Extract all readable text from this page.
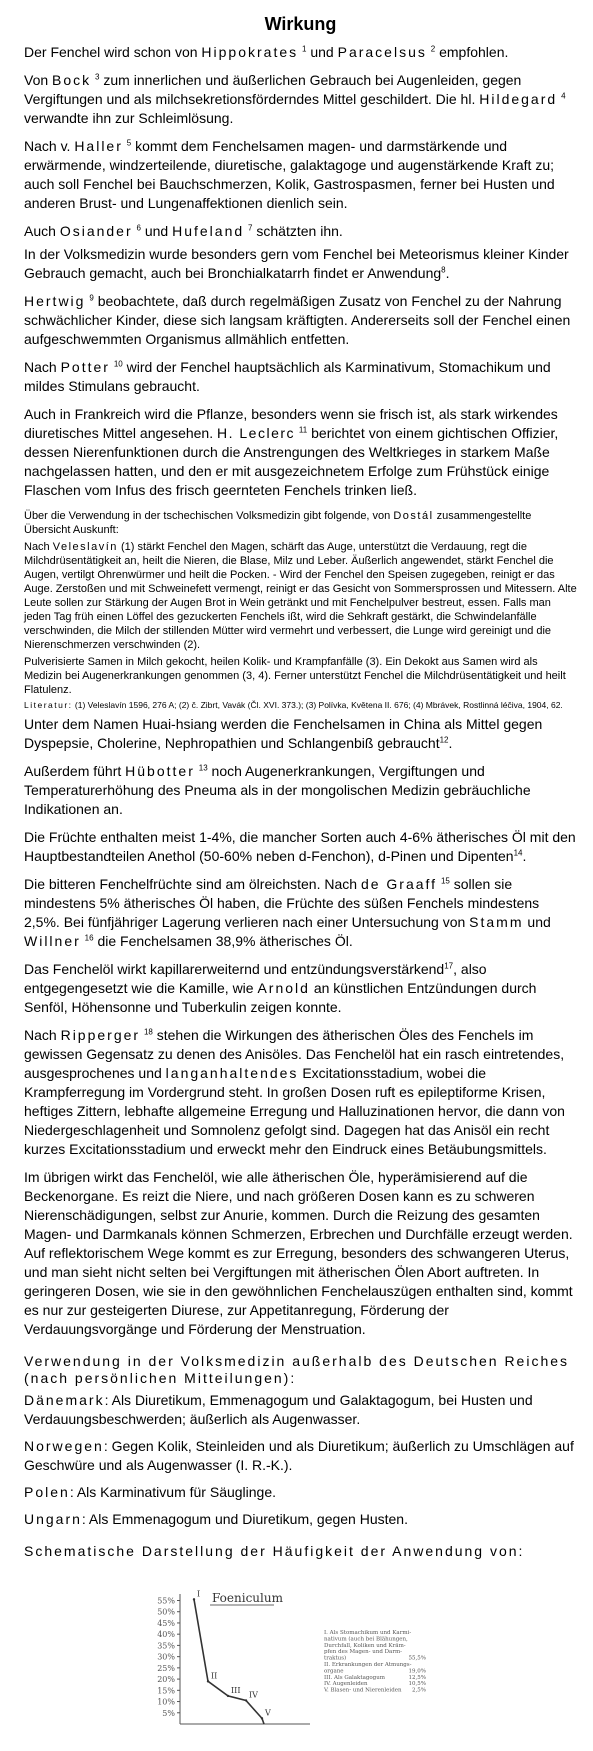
Wirkung

Der Fenchel wird schon von Hippokrates $^1$ und Paracelsus $^2$ empfohlen.

Von Bock $^3$ zum innerlichen und äußerlichen Gebrauch bei Augenleiden, gegen Vergiftungen und als milchsekretionsförderndes Mittel geschildert. Die hl. Hildegard $^4$ verwandte ihn zur Schleimlösung.

Nach v. Haller $^5$ kommt dem Fenchelsamen magen- und darmstärkende und erwärmende, windzerteilende, diuretische, galaktagoge und augenstärkende Kraft zu; auch soll Fenchel bei Bauchschmerzen, Kolik, Gastrospasmen, ferner bei Husten und anderen Brust- und Lungenaffektionen dienlich sein.

Auch Osiander $^6$ und Hufeland $^7$ schätzten ihn.

In der Volksmedizin wurde besonders gern vom Fenchel bei Meteorismus kleiner Kinder Gebrauch gemacht, auch bei Bronchialkatarrh findet er Anwendung$^8$.

Hertwig $^9$ beobachtete, daß durch regelmäßigen Zusatz von Fenchel zu der Nahrung schwächlicher Kinder, diese sich langsam kräftigten. Andererseits soll der Fenchel einen aufgeschwemmten Organismus allmählich entfetten.

Nach Potter $^{10}$ wird der Fenchel hauptsächlich als Karminativum, Stomachikum und mildes Stimulans gebraucht.

Auch in Frankreich wird die Pflanze, besonders wenn sie frisch ist, als stark wirkendes diuretisches Mittel angesehen. H. Leclerc $^{11}$ berichtet von einem gichtischen Offizier, dessen Nierenfunktionen durch die Anstrengungen des Weltkrieges in starkem Maße nachgelassen hatten, und den er mit ausgezeichnetem Erfolge zum Frühstück einige Flaschen vom Infus des frisch geernteten Fenchels trinken ließ.

Über die Verwendung in der tschechischen Volksmedizin gibt folgende, von Dostál zusammengestellte Übersicht Auskunft:

Nach Veleslavín (1) stärkt Fenchel den Magen, schärft das Auge, unterstützt die Verdauung, regt die Milchdrüsentätigkeit an, heilt die Nieren, die Blase, Milz und Leber. Äußerlich angewendet, stärkt Fenchel die Augen, vertilgt Ohrenwürmer und heilt die Pocken. - Wird der Fenchel den Speisen zugegeben, reinigt er das Auge. Zerstoßen und mit Schweinefett vermengt, reinigt er das Gesicht von Sommersprossen und Mitessern. Alte Leute sollen zur Stärkung der Augen Brot in Wein getränkt und mit Fenchelpulver bestreut, essen. Falls man jeden Tag früh einen Löffel des gezuckerten Fenchels ißt, wird die Sehkraft gestärkt, die Schwindelanfälle verschwinden, die Milch der stillenden Mütter wird vermehrt und verbessert, die Lunge wird gereinigt und die Nierenschmerzen verschwinden (2).

Pulverisierte Samen in Milch gekocht, heilen Kolik- und Krampfanfälle (3). Ein Dekokt aus Samen wird als Medizin bei Augenerkrankungen genommen (3, 4). Ferner unterstützt Fenchel die Milchdrüsentätigkeit und heilt Flatulenz.

Literatur: (1) Veleslavín 1596, 276 A; (2) č. Zibrt, Vavák (Čl. XVI. 373.); (3) Polívka, Květena II. 676; (4) Mbrávek, Rostlinná léčiva, 1904, 62.

Unter dem Namen Huai-hsiang werden die Fenchelsamen in China als Mittel gegen Dyspepsie, Cholerine, Nephropathien und Schlangenbiß gebraucht$^{12}$.

Außerdem führt Hübotter $^{13}$ noch Augenerkrankungen, Vergiftungen und Temperaturerhöhung des Pneuma als in der mongolischen Medizin gebräuchliche Indikationen an.

Die Früchte enthalten meist 1-4%, die mancher Sorten auch 4-6% ätherisches Öl mit den Hauptbestandteilen Anethol (50-60% neben d-Fenchon), d-Pinen und Dipenten$^{14}$.

Die bitteren Fenchelfrüchte sind am ölreichsten. Nach de Graaff $^{15}$ sollen sie mindestens 5% ätherisches Öl haben, die Früchte des süßen Fenchels mindestens 2,5%. Bei fünfjähriger Lagerung verlieren nach einer Untersuchung von Stamm und Willner $^{16}$ die Fenchelsamen 38,9% ätherisches Öl.

Das Fenchelöl wirkt kapillarerweiternd und entzündungsverstärkend$^{17}$, also entgegengesetzt wie die Kamille, wie Arnold an künstlichen Entzündungen durch Senföl, Höhensonne und Tuberkulin zeigen konnte.

Nach Ripperger $^{18}$ stehen die Wirkungen des ätherischen Öles des Fenchels im gewissen Gegensatz zu denen des Anisöles. Das Fenchelöl hat ein rasch eintretendes, ausgesprochenes und langanhaltendes Excitationsstadium, wobei die Krampferregung im Vordergrund steht. In großen Dosen ruft es epileptiforme Krisen, heftiges Zittern, lebhafte allgemeine Erregung und Halluzinationen hervor, die dann von Niedergeschlagenheit und Somnolenz gefolgt sind. Dagegen hat das Anisöl ein recht kurzes Excitationsstadium und erweckt mehr den Eindruck eines Betäubungsmittels.

Im übrigen wirkt das Fenchelöl, wie alle ätherischen Öle, hyperämisierend auf die Beckenorgane. Es reizt die Niere, und nach größeren Dosen kann es zu schweren Nierenschädigungen, selbst zur Anurie, kommen. Durch die Reizung des gesamten Magen- und Darmkanals können Schmerzen, Erbrechen und Durchfälle erzeugt werden. Auf reflektorischem Wege kommt es zur Erregung, besonders des schwangeren Uterus, und man sieht nicht selten bei Vergiftungen mit ätherischen Ölen Abort auftreten. In geringeren Dosen, wie sie in den gewöhnlichen Fenchelauszügen enthalten sind, kommt es nur zur gesteigerten Diurese, zur Appetitanregung, Förderung der Verdauungsvorgänge und Förderung der Menstruation.

Verwendung in der Volksmedizin außerhalb des Deutschen Reiches (nach persönlichen Mitteilungen):
Dänemark: Als Diuretikum, Emmenagogum und Galaktagogum, bei Husten und Verdauungsbeschwerden; äußerlich als Augenwasser.
Norwegen: Gegen Kolik, Steinleiden und als Diuretikum; äußerlich zu Umschlägen auf Geschwüre und als Augenwasser (I. R.-K.).
Polen: Als Karminativum für Säuglinge.
Ungarn: Als Emmenagogum und Diuretikum, gegen Husten.
Schematische Darstellung der Häufigkeit der Anwendung von:
55%
50%
45%
40%
35%
30%
25%
20%
15%
10%
5%
I
II
III IV
V
Foeniculum
I. Als Stomachikum und Karmi-
nativum (auch bei Blähungen,
Durchfall, Koliken und Kräm-
pfen des Magen- und Darm-
traktus)	55,5%
II. Erkrankungen der Atmungs-
organe	19,0%
III. Als Galaktagogum	12,5%
IV. Augenleiden	10,5%
V. Blasen- und Nierenleiden 2,5%
